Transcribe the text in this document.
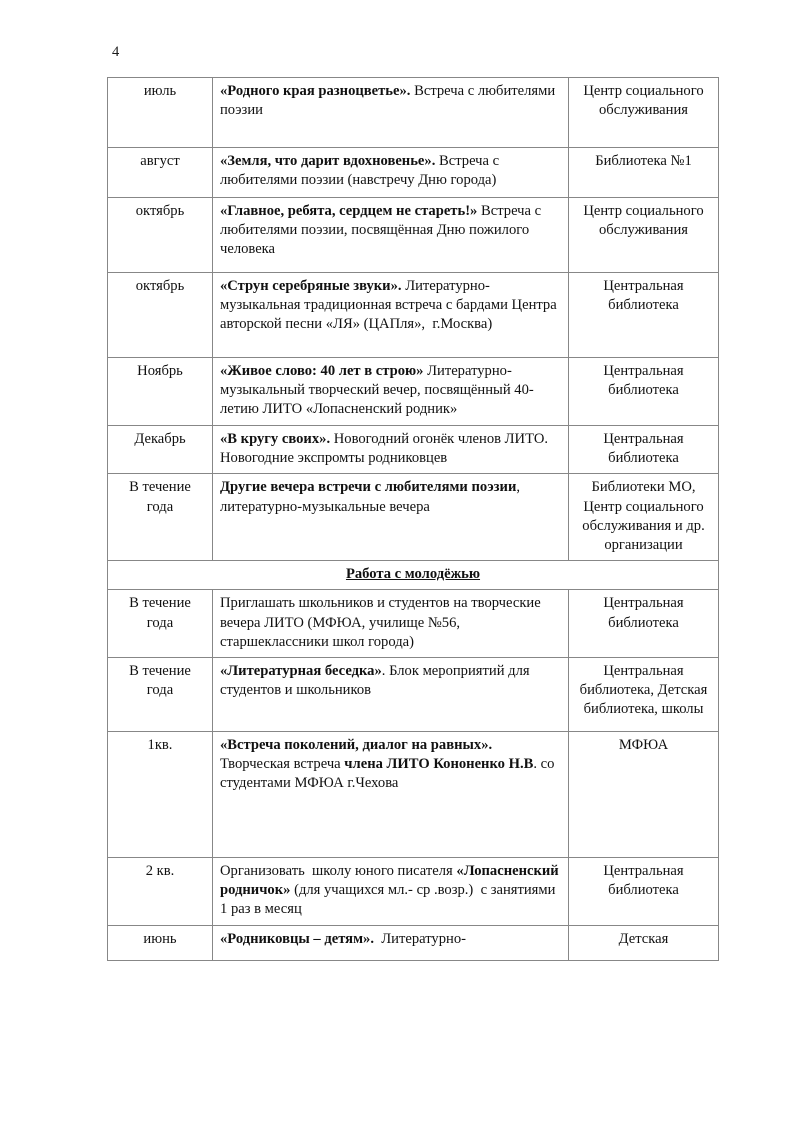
4
июль	«Родного края разноцветье». Встреча с любителями поэзии	Центр социального обслуживания
август	«Земля, что дарит вдохновенье». Встреча с любителями поэзии (навстречу Дню города)	Библиотека №1
октябрь	«Главное, ребята, сердцем не стареть!» Встреча с любителями поэзии, посвящённая Дню пожилого человека	Центр социального обслуживания
октябрь	«Струн серебряные звуки». Литературно-музыкальная традиционная встреча с бардами Центра авторской песни «ЛЯ» (ЦАПля»,  г.Москва)	Центральная библиотека
Ноябрь	«Живое слово: 40 лет в строю» Литературно-музыкальный творческий вечер, посвящённый 40-летию ЛИТО «Лопасненский родник»	Центральная библиотека
Декабрь	«В кругу своих». Новогодний огонёк членов ЛИТО. Новогодние экспромты родниковцев	Центральная библиотека
В течение года	Другие вечера встречи с любителями поэзии, литературно-музыкальные вечера	Библиотеки МО, Центр социального обслуживания и др. организации
Работа с молодёжью		
В течение года	Приглашать школьников и студентов на творческие вечера ЛИТО (МФЮА, училище №56, старшеклассники школ города)	Центральная библиотека
В течение года	«Литературная беседка». Блок мероприятий для студентов и школьников	Центральная библиотека, Детская библиотека, школы
1кв.	«Встреча поколений, диалог на равных». Творческая встреча члена ЛИТО Кононенко Н.В. со студентами МФЮА г.Чехова	МФЮА
2 кв.	Организовать  школу юного писателя «Лопасненский родничок» (для учащихся мл.- ср .возр.)  с занятиями 1 раз в месяц	Центральная библиотека
июнь	«Родниковцы – детям».  Литературно-	Детская
